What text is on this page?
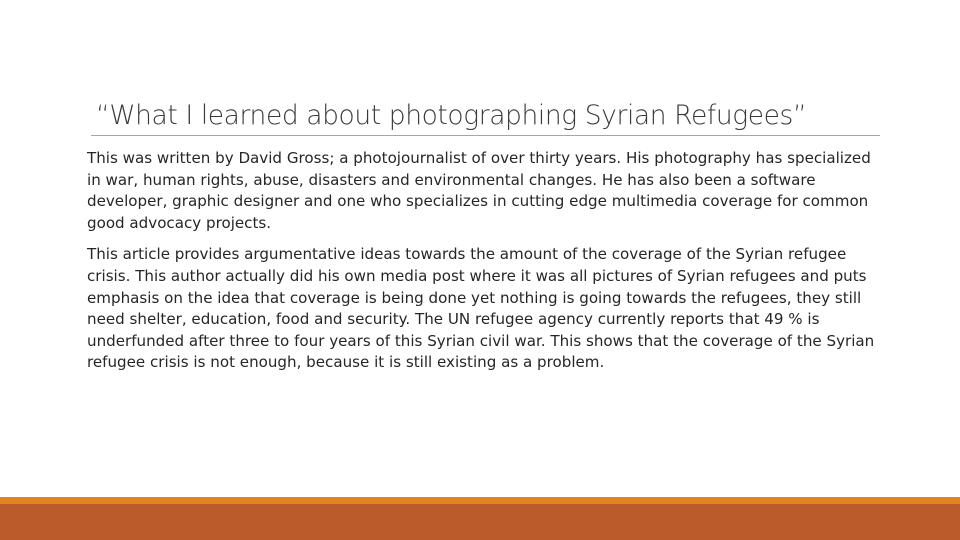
“What I learned about photographing Syrian Refugees”

This was written by David Gross; a photojournalist of over thirty years. His photography has specialized in war, human rights, abuse, disasters and environmental changes. He has also been a software developer, graphic designer and one who specializes in cutting edge multimedia coverage for common good advocacy projects.

This article provides argumentative ideas towards the amount of the coverage of the Syrian refugee crisis. This author actually did his own media post where it was all pictures of Syrian refugees and puts emphasis on the idea that coverage is being done yet nothing is going towards the refugees, they still need shelter, education, food and security. The UN refugee agency currently reports that 49 % is underfunded after three to four years of this Syrian civil war. This shows that the coverage of the Syrian refugee crisis is not enough, because it is still existing as a problem.
